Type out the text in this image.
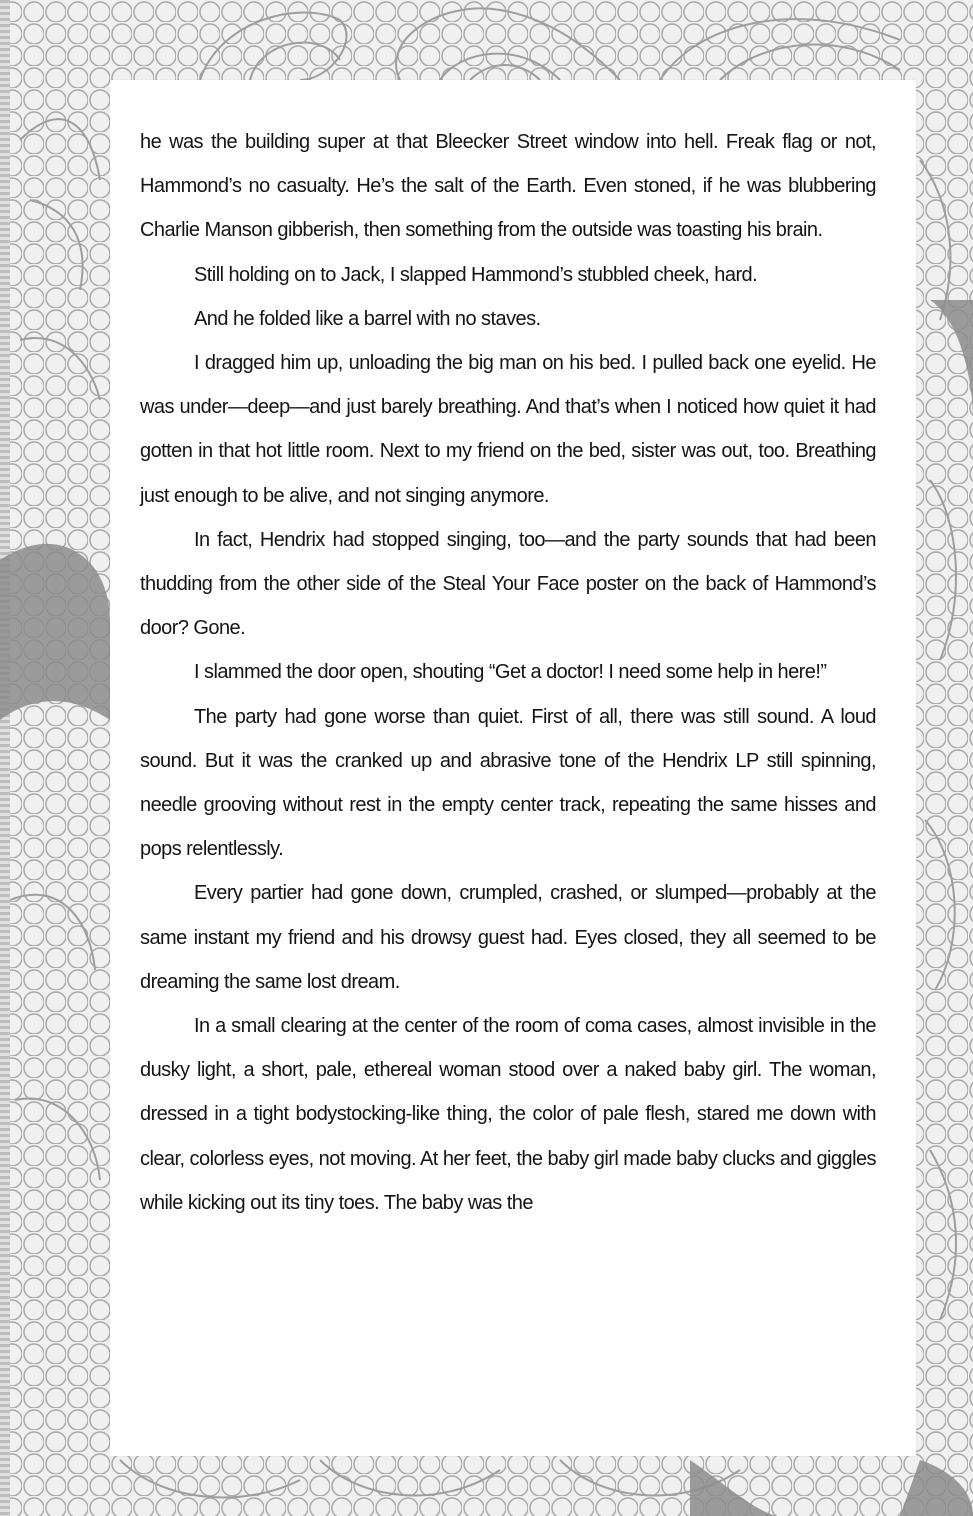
he was the building super at that Bleecker Street window into hell. Freak flag or not, Hammond’s no casualty. He’s the salt of the Earth. Even stoned, if he was blubbering Charlie Manson gibberish, then something from the outside was toasting his brain.

Still holding on to Jack, I slapped Hammond’s stubbled cheek, hard.

And he folded like a barrel with no staves.

I dragged him up, unloading the big man on his bed. I pulled back one eyelid. He was under—deep—and just barely breathing. And that’s when I noticed how quiet it had gotten in that hot little room. Next to my friend on the bed, sister was out, too. Breathing just enough to be alive, and not singing anymore.

In fact, Hendrix had stopped singing, too—and the party sounds that had been thudding from the other side of the Steal Your Face poster on the back of Hammond’s door? Gone.

I slammed the door open, shouting “Get a doctor! I need some help in here!”

The party had gone worse than quiet. First of all, there was still sound. A loud sound. But it was the cranked up and abrasive tone of the Hendrix LP still spinning, needle grooving without rest in the empty center track, repeating the same hisses and pops relentlessly.

Every partier had gone down, crumpled, crashed, or slumped—probably at the same instant my friend and his drowsy guest had. Eyes closed, they all seemed to be dreaming the same lost dream.

In a small clearing at the center of the room of coma cases, almost invisible in the dusky light, a short, pale, ethereal woman stood over a naked baby girl. The woman, dressed in a tight bodystocking-like thing, the color of pale flesh, stared me down with clear, colorless eyes, not moving. At her feet, the baby girl made baby clucks and giggles while kicking out its tiny toes. The baby was the
